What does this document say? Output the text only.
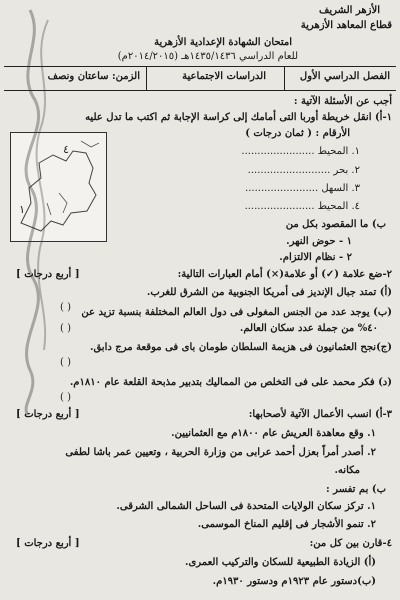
الأزهر الشريف
قطاع المعاهد الأزهرية
امتحان الشهادة الإعدادية الأزهرية
للعام الدراسي ١٤٣٥/١٤٣٦هـ (٢٠١٤/٢٠١٥م)
الفصل الدراسي الأول
الدراسات الاجتماعية
الزمن: ساعتان ونصف
أجب عن الأسئلة الآتية :
١-أ) انقل خريطة أوربا التى أمامك إلى كراسة الإجابة ثم اكتب ما تدل عليه
الأرقام : ( ثمان درجات )
١. المحيط .......................
٢. بحر ..........................
٣. السهل .......................
٤. المحيط ......................
ب) ما المقصود بكل من
١ - حوض النهر.
٢ - نظام الالتزام.
٤
١
٢-ضع علامة (✓) أو علامة(×) أمام العبارات التالية:
[ أربع درجات ]
(أ) تمتد جبال الإنديز فى أمريكا الجنوبية من الشرق للغرب.
( ) (ب) يوجد عدد من الجنس المغولى فى دول العالم المختلفة بنسبة تزيد عن
٤٠% من جملة عدد سكان العالم.
( )
(ج)نجح العثمانيون فى هزيمة السلطان طومان باى فى موقعة مرج دابق.
( )
(د) فكر محمد على فى التخلص من المماليك بتدبير مذبحة القلعة عام ١٨١٠م.
( )
٣-أ) انسب الأعمال الآتية لأصحابها:
[ أربع درجات ]
١. وقع معاهدة العريش عام ١٨٠٠م مع العثمانيين.
٢. أصدر أمراً بعزل أحمد عرابى من وزارة الحربية ، وتعيين عمر باشا لطفى
مكانه.
ب) بم تفسر :
١. تركز سكان الولايات المتحدة فى الساحل الشمالى الشرقى.
٢. تنمو الأشجار فى إقليم المناخ الموسمى.
٤-قارن بين كل من:
[ أربع درجات ]
(أ) الزيادة الطبيعية للسكان والتركيب العمرى.
(ب)دستور عام ١٩٢٣م ودستور ١٩٣٠م.
